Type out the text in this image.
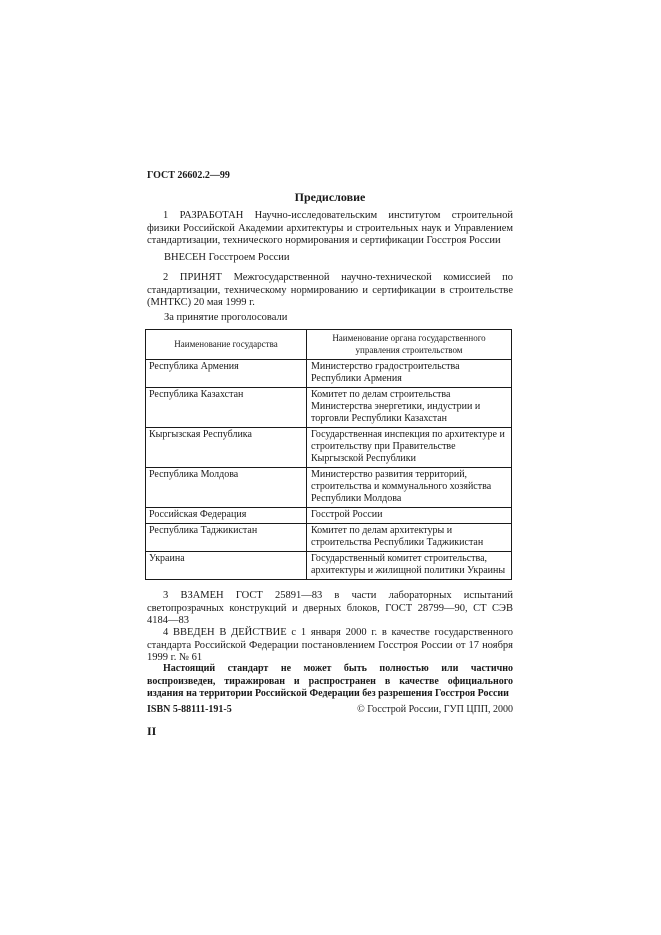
ГОСТ 26602.2—99
Предисловие
1 РАЗРАБОТАН Научно-исследовательским институтом строительной физики Российской Академии архитектуры и строительных наук и Управлением стандартизации, технического нормирования и сертификации Госстроя России
ВНЕСЕН Госстроем России
2 ПРИНЯТ Межгосударственной научно-технической комиссией по стандартизации, техническому нормированию и сертификации в строительстве (МНТКС) 20 мая 1999 г.
За принятие проголосовали
Наименование государства	Наименование органа государственного управления строительством
Республика Армения	Министерство градостроительства Республики Армения
Республика Казахстан	Комитет по делам строительства Министерства энергетики, индустрии и торговли Республики Казахстан
Кыргызская Республика	Государственная инспекция по архитектуре и строительству при Правительстве Кыргызской Республики
Республика Молдова	Министерство развития территорий, строительства и коммунального хозяйства Республики Молдова
Российская Федерация	Госстрой России
Республика Таджикистан	Комитет по делам архитектуры и строительства Республики Таджикистан
Украина	Государственный комитет строительства, архитектуры и жилищной политики Украины
3 ВЗАМЕН ГОСТ 25891—83 в части лабораторных испытаний светопрозрачных конструкций и дверных блоков, ГОСТ 28799—90, СТ СЭВ 4184—83
4 ВВЕДЕН В ДЕЙСТВИЕ с 1 января 2000 г. в качестве государственного стандарта Российской Федерации постановлением Госстроя России от 17 ноября 1999 г. № 61
Настоящий стандарт не может быть полностью или частично воспроизведен, тиражирован и распространен в качестве официального издания на территории Российской Федерации без разрешения Госстроя России
ISBN 5-88111-191-5	© Госстрой России, ГУП ЦПП, 2000
II
